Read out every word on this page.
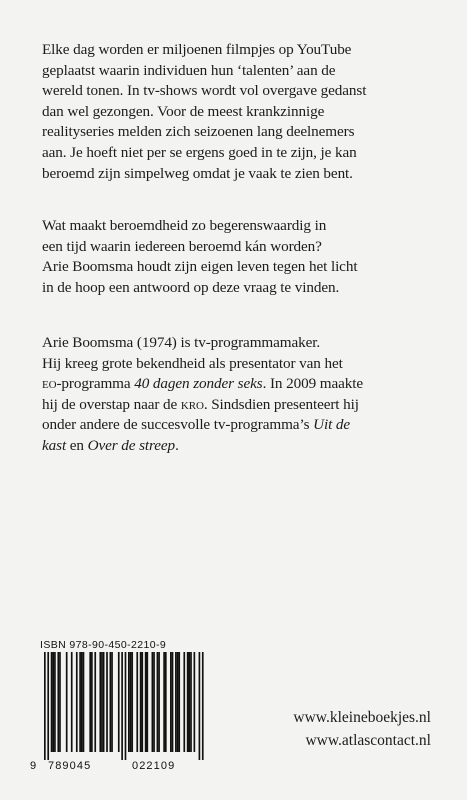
Elke dag worden er miljoenen filmpjes op YouTube
geplaatst waarin individuen hun ‘talenten’ aan de
wereld tonen. In tv-shows wordt vol overgave gedanst
dan wel gezongen. Voor de meest krankzinnige
realityseries melden zich seizoenen lang deelnemers
aan. Je hoeft niet per se ergens goed in te zijn, je kan
beroemd zijn simpelweg omdat je vaak te zien bent.
Wat maakt beroemdheid zo begerenswaardig in
een tijd waarin iedereen beroemd kán worden?
Arie Boomsma houdt zijn eigen leven tegen het licht
in de hoop een antwoord op deze vraag te vinden.
Arie Boomsma (1974) is tv-programmamaker.
Hij kreeg grote bekendheid als presentator van het
eo-programma 40 dagen zonder seks. In 2009 maakte
hij de overstap naar de kro. Sindsdien presenteert hij
onder andere de succesvolle tv-programma’s Uit de
kast en Over de streep.
ISBN 978-90-450-2210-9
9 789045	022109
www.kleineboekjes.nl
www.atlascontact.nl
